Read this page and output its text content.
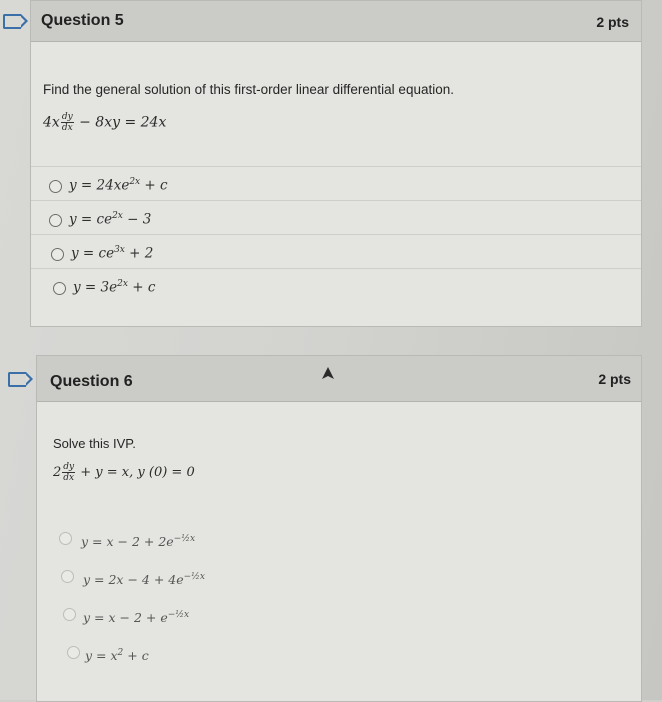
Question 5	2 pts
Find the general solution of this first-order linear differential equation.
$4x \frac{dy}{dx} - 8xy = 24x$
$y = 24xe^{2x} + c$
$y = ce^{2x} - 3$
$y = ce^{3x} + 2$
$y = 3e^{2x} + c$
Question 6	2 pts
Solve this IVP.
$2 \frac{dy}{dx} + y = x$, y (0) = 0
$y = x - 2 + 2e^{-\frac{1}{2}x}$
$y = 2x - 4 + 4e^{-\frac{1}{2}x}$
$y = x - 2 + e^{-\frac{1}{2}x}$
$y = x^2 + c$
